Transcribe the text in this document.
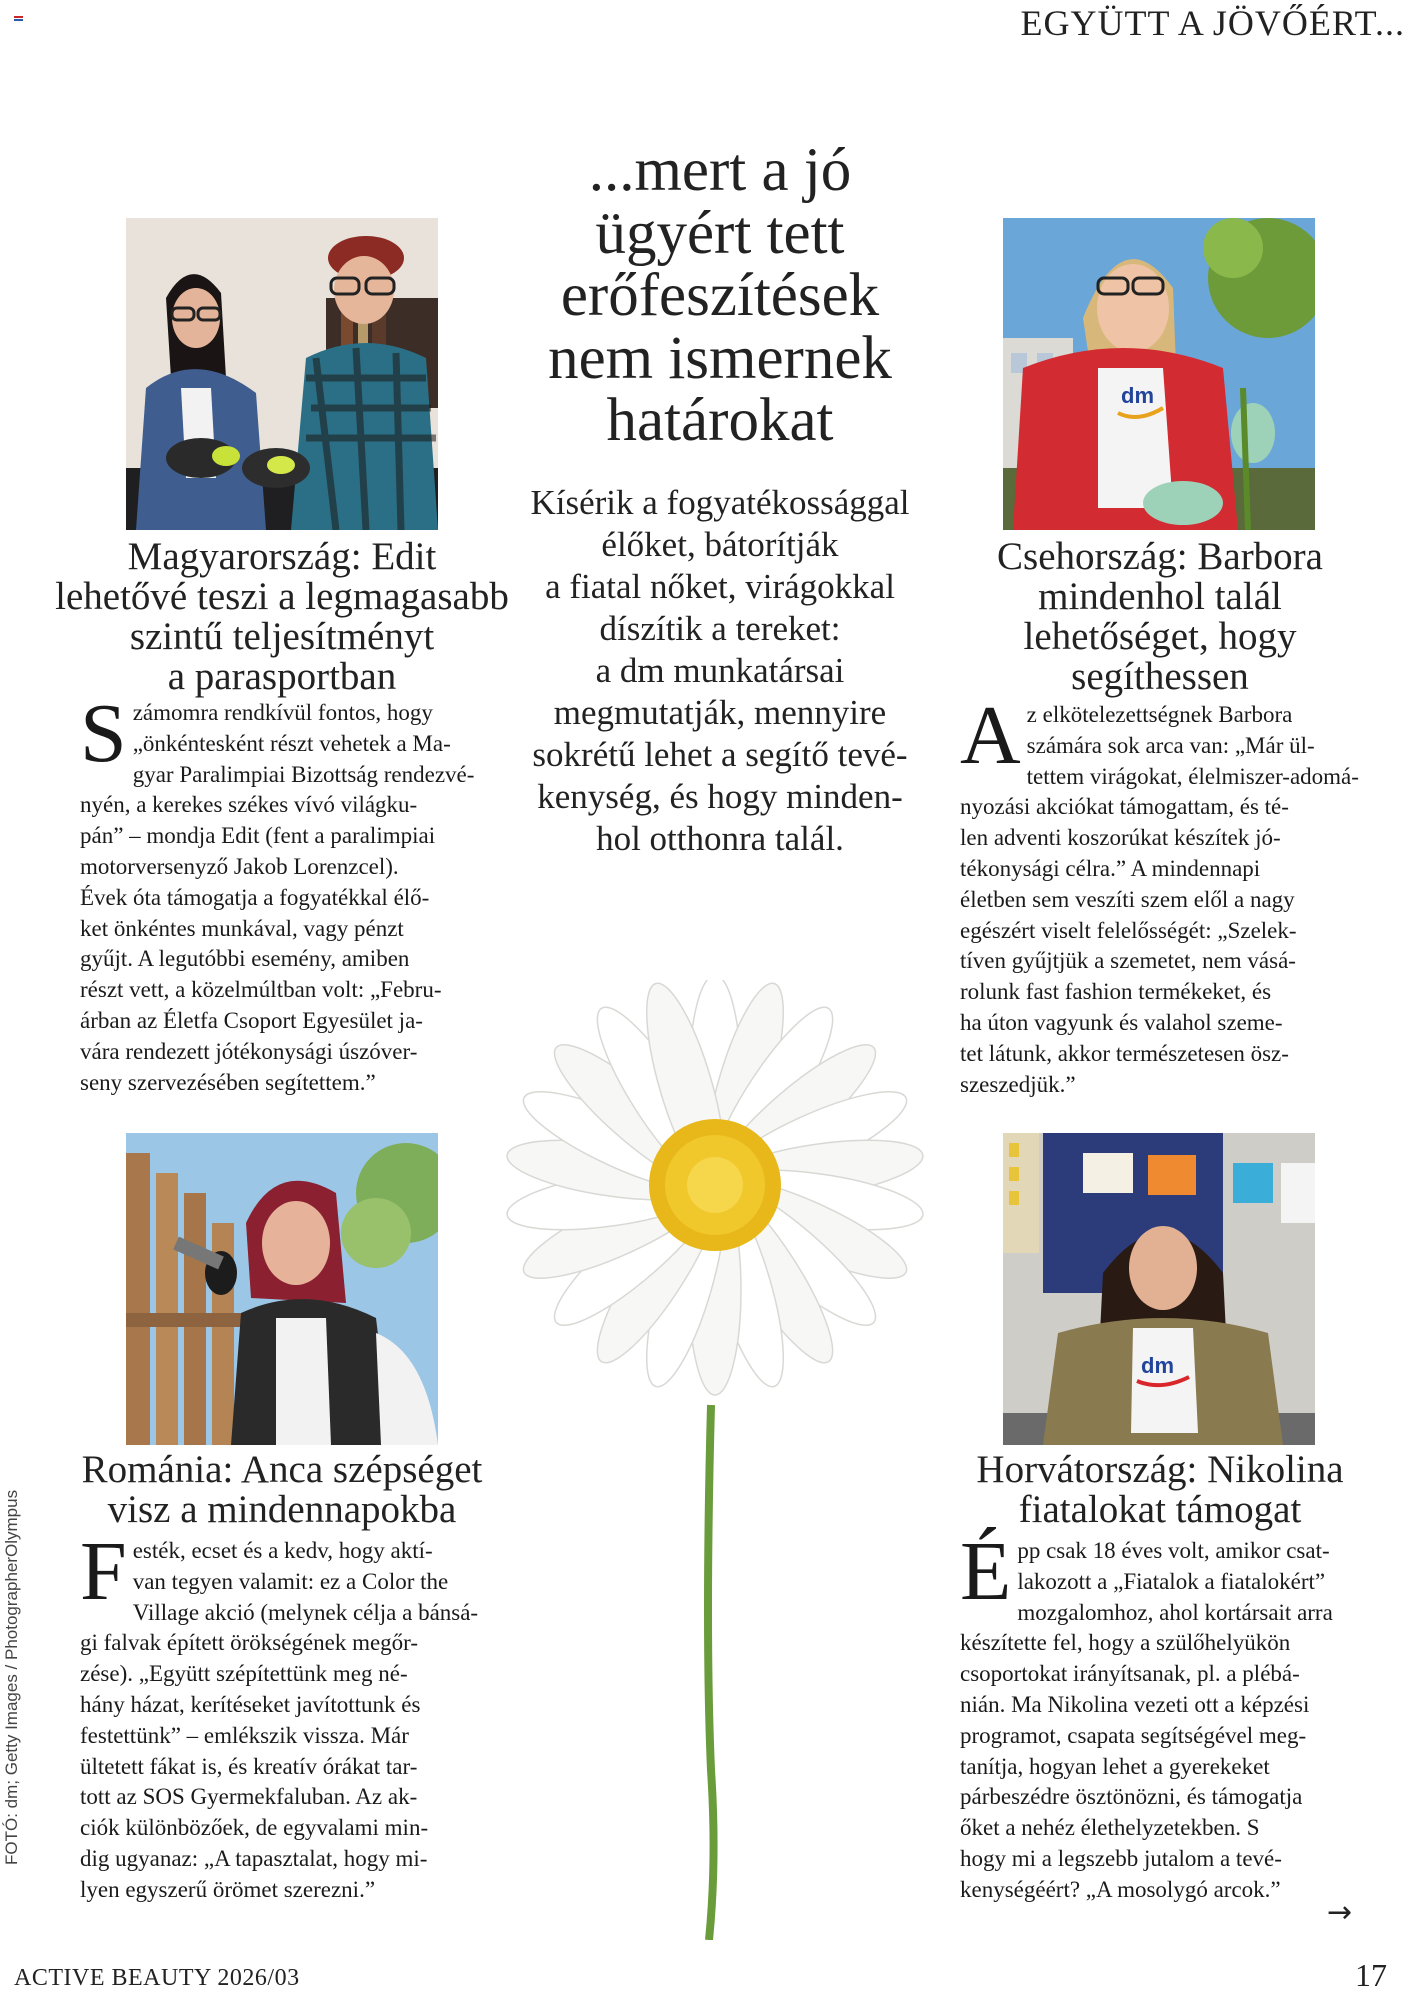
EGYÜTT A JÖVŐÉRT...
...mert a jó
ügyért tett
erőfeszítések
nem ismernek
határokat
Kísérik a fogyatékossággal
élőket, bátorítják
a fiatal nőket, virágokkal
díszítik a tereket:
a dm munkatársai
megmutatják, mennyire
sokrétű lehet a segítő tevé-
kenység, és hogy minden-
hol otthonra talál.
dm
dm
Magyarország: Edit
lehetővé teszi a legmagasabb
szintű teljesítményt
a parasportban
S zámomra rendkívül fontos, hogy
„önkéntesként részt vehetek a Ma-
gyar Paralimpiai Bizottság rendezvé-
nyén, a kerekes székes vívó világku-
pán” – mondja Edit (fent a paralimpiai
motorversenyző Jakob Lorenzcel).
Évek óta támogatja a fogyatékkal élő-
ket önkéntes munkával, vagy pénzt
gyűjt. A legutóbbi esemény, amiben
részt vett, a közelmúltban volt: „Febru-
árban az Életfa Csoport Egyesület ja-
vára rendezett jótékonysági úszóver-
seny szervezésében segítettem.”
Csehország: Barbora
mindenhol talál
lehetőséget, hogy
segíthessen
A z elkötelezettségnek Barbora
számára sok arca van: „Már ül-
tettem virágokat, élelmiszer-adomá-
nyozási akciókat támogattam, és té-
len adventi koszorúkat készítek jó-
tékonysági célra.” A mindennapi
életben sem veszíti szem elől a nagy
egészért viselt felelősségét: „Szelek-
tíven gyűjtjük a szemetet, nem vásá-
rolunk fast fashion termékeket, és
ha úton vagyunk és valahol szeme-
tet látunk, akkor természetesen ösz-
szeszedjük.”
Románia: Anca szépséget
visz a mindennapokba
F esték, ecset és a kedv, hogy aktí-
van tegyen valamit: ez a Color the
Village akció (melynek célja a bánsá-
gi falvak épített örökségének megőr-
zése). „Együtt szépítettünk meg né-
hány házat, kerítéseket javítottunk és
festettünk” – emlékszik vissza. Már
ültetett fákat is, és kreatív órákat tar-
tott az SOS Gyermekfaluban. Az ak-
ciók különbözőek, de egyvalami min-
dig ugyanaz: „A tapasztalat, hogy mi-
lyen egyszerű örömet szerezni.”
Horvátország: Nikolina
fiatalokat támogat
É pp csak 18 éves volt, amikor csat-
lakozott a „Fiatalok a fiatalokért”
mozgalomhoz, ahol kortársait arra
készítette fel, hogy a szülőhelyükön
csoportokat irányítsanak, pl. a plébá-
nián. Ma Nikolina vezeti ott a képzési
programot, csapata segítségével meg-
tanítja, hogyan lehet a gyerekeket
párbeszédre ösztönözni, és támogatja
őket a nehéz élethelyzetekben. S
hogy mi a legszebb jutalom a tevé-
kenységéért? „A mosolygó arcok.”
→
FOTÓ: dm; Getty Images / PhotographerOlympus
ACTIVE BEAUTY 2026/03	17
